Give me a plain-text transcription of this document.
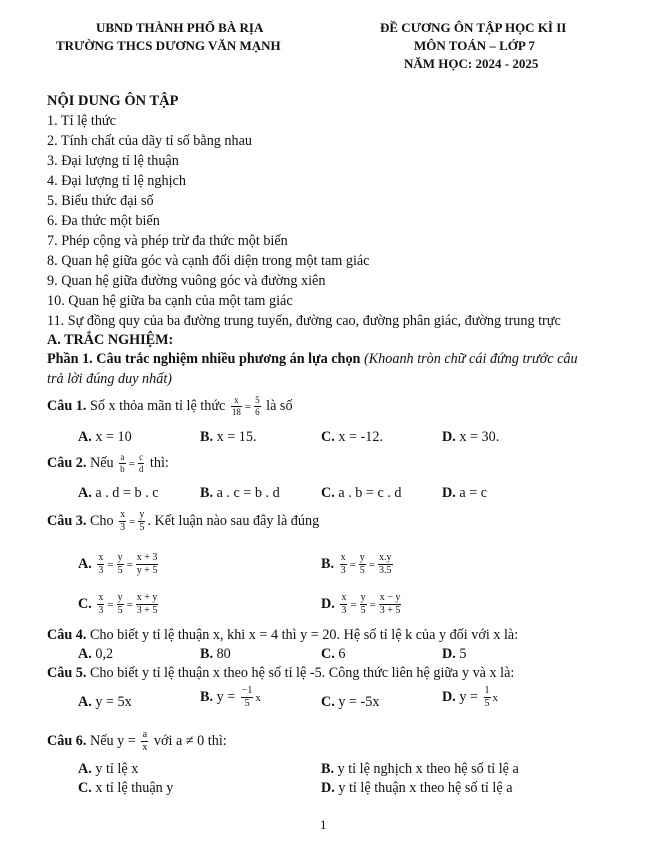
UBND THÀNH PHỐ BÀ RỊA
TRƯỜNG THCS DƯƠNG VĂN MẠNH
ĐỀ CƯƠNG ÔN TẬP HỌC KÌ II
MÔN TOÁN – LỚP 7
NĂM HỌC: 2024 - 2025
NỘI DUNG ÔN TẬP
1. Tỉ lệ thức
2. Tính chất của dãy tỉ số bằng nhau
3. Đại lượng tỉ lệ thuận
4. Đại lượng tỉ lệ nghịch
5. Biểu thức đại số
6. Đa thức một biến
7. Phép cộng và phép trừ đa thức một biến
8. Quan hệ giữa góc và cạnh đối diện trong một tam giác
9. Quan hệ giữa đường vuông góc và đường xiên
10. Quan hệ giữa ba cạnh của một tam giác
11. Sự đồng quy của ba đường trung tuyến, đường cao, đường phân giác, đường trung trực
A. TRẮC NGHIỆM:
Phần 1. Câu trắc nghiệm nhiều phương án lựa chọn (Khoanh tròn chữ cái đứng trước câu
trả lời đúng duy nhất)
Câu 1. Số x thỏa mãn tỉ lệ thức $\frac{x}{18} = \frac{5}{6}$ là số
A. x = 10	B. x = 15.	C. x = -12.	D. x = 30.
Câu 2. Nếu $\frac{a}{b} = \frac{c}{d}$ thì:
A. a . d = b . c	B. a . c = b . d	C. a . b = c . d	D. a = c
Câu 3. Cho $\frac{x}{3} = \frac{y}{5}$ . Kết luận nào sau đây là đúng
A. $\frac{x}{3} = \frac{y}{5} = \frac{x + 3}{y + 5}$	B. $\frac{x}{3} = \frac{y}{5} = \frac{x.y}{3.5}$
C. $\frac{x}{3} = \frac{y}{5} = \frac{x + y}{3 + 5}$	D. $\frac{x}{3} = \frac{y}{5} = \frac{x - y}{3 + 5}$
Câu 4. Cho biết y tỉ lệ thuận x, khi x = 4 thì y = 20. Hệ số tỉ lệ k của y đối với x là:
A. 0,2	B. 80	C. 6	D. 5
Câu 5. Cho biết y tỉ lệ thuận x theo hệ số tỉ lệ -5. Công thức liên hệ giữa y và x là:
A. y = 5x	B. $y = \frac{-1}{5}$ x	C. y = -5x	D. $y = \frac{1}{5}$ x
Câu 6. Nếu $y = \frac{a}{x}$ với a ≠ 0 thì:
A. y tỉ lệ x	B. y tỉ lệ nghịch x theo hệ số tỉ lệ a
C. x tỉ lệ thuận y	D. y tỉ lệ thuận x theo hệ số tỉ lệ a
1
